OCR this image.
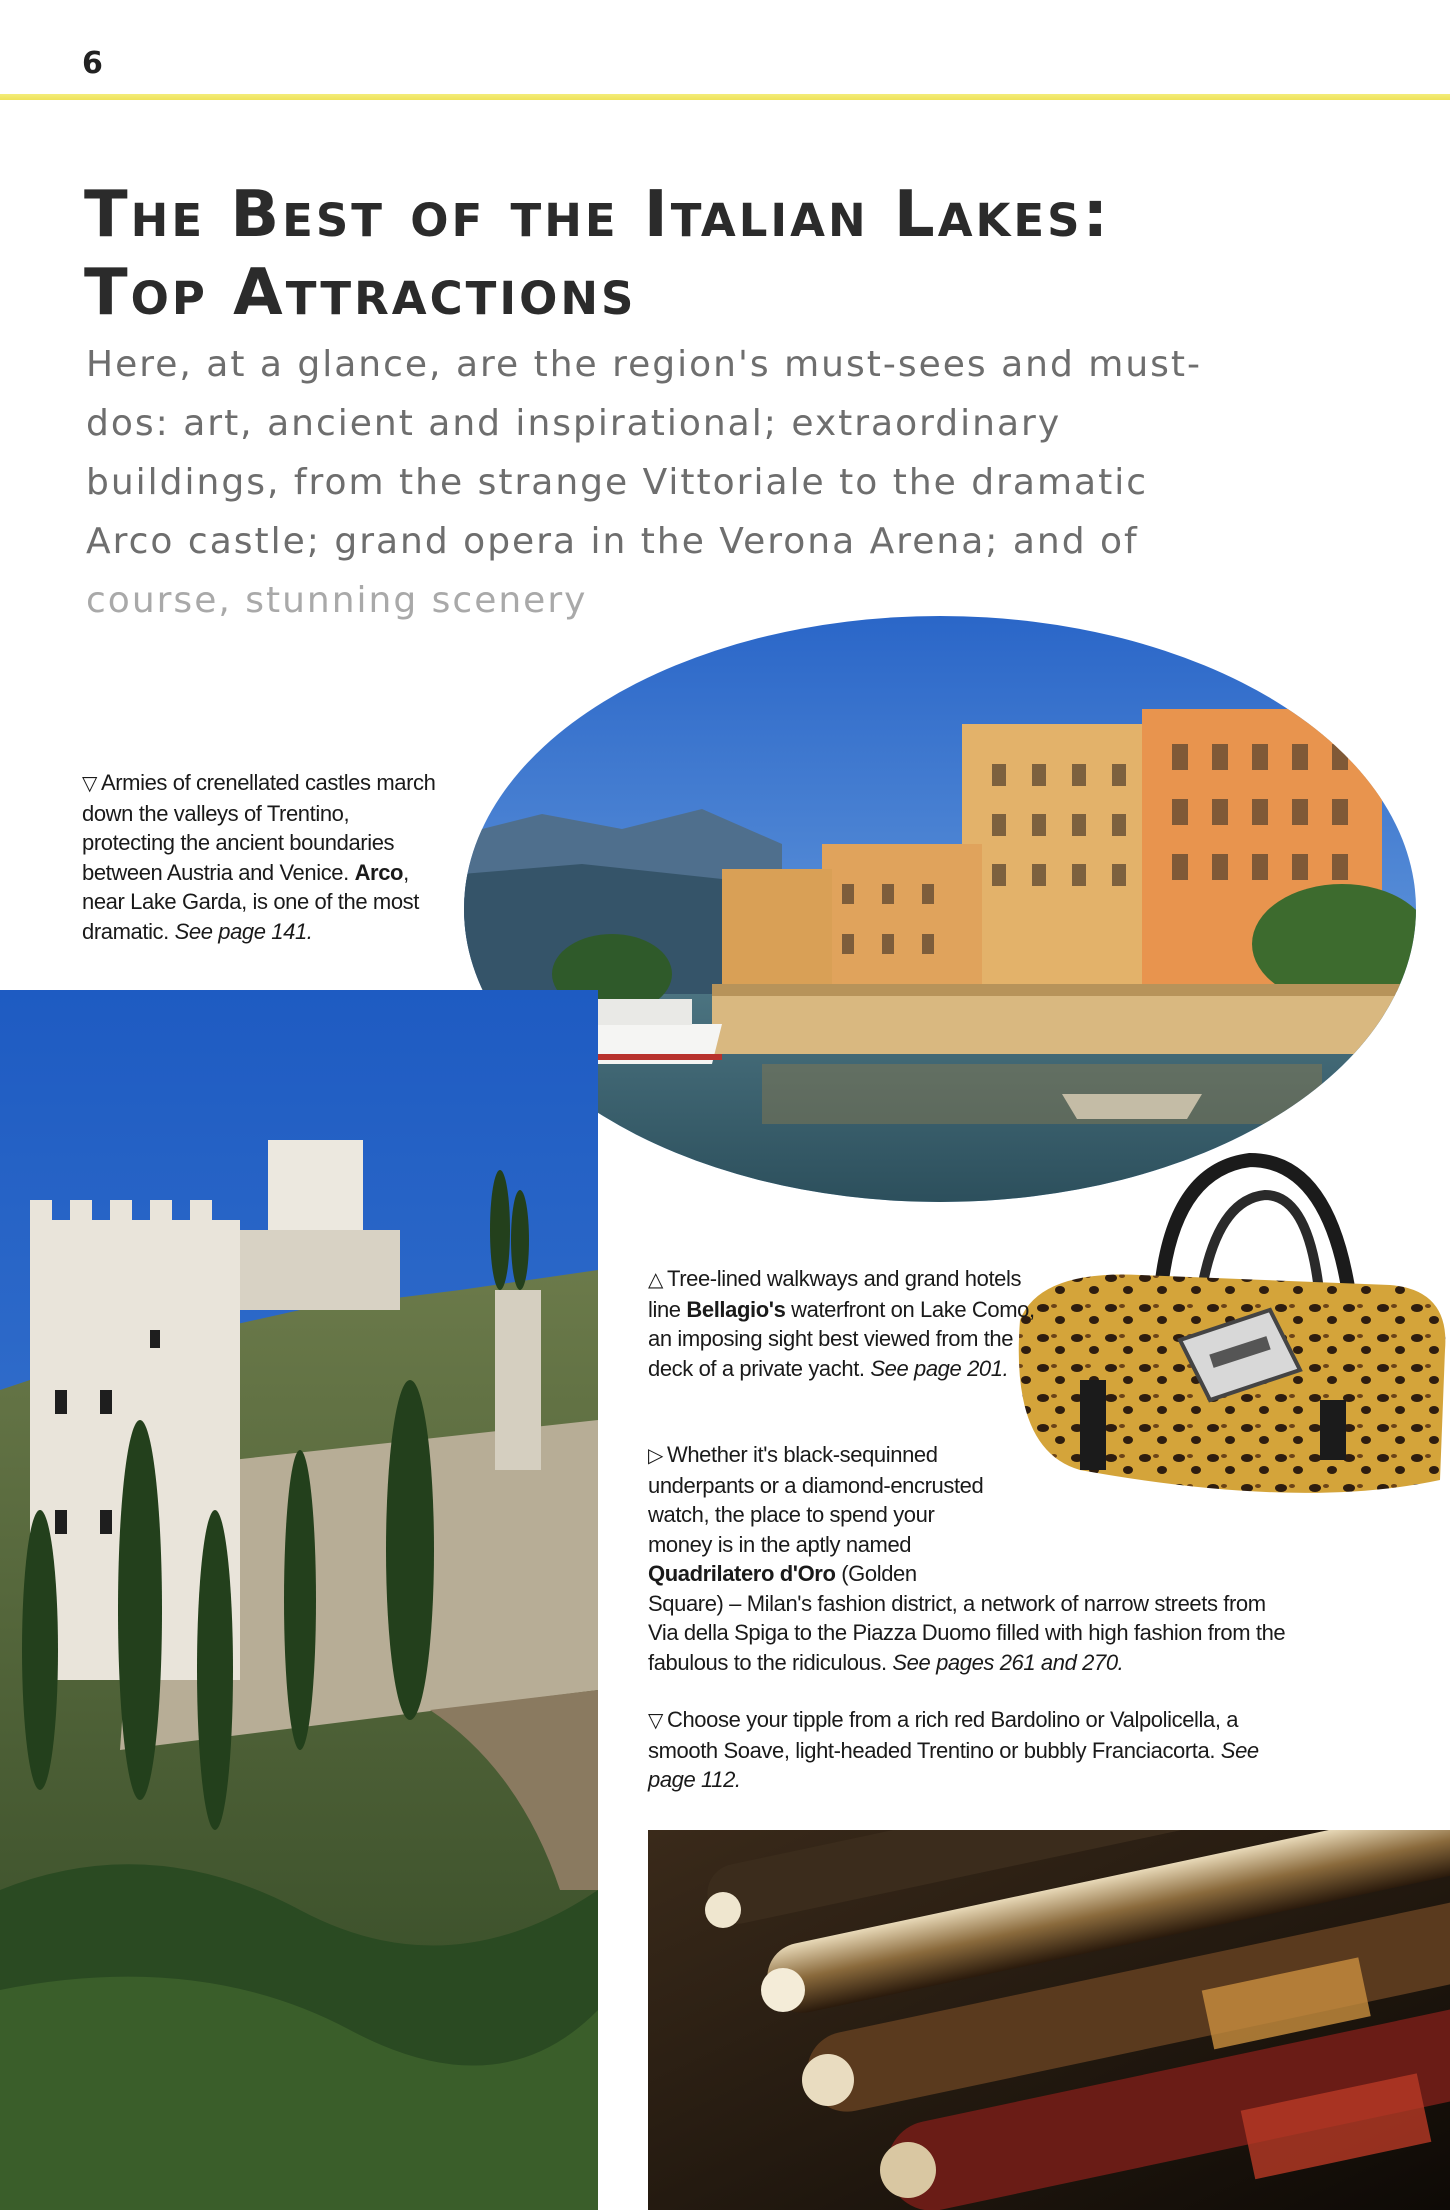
6
The Best of the Italian Lakes:
Top Attractions

Here, at a glance, are the region's must-sees and must-dos: art, ancient and inspirational; extraordinary buildings, from the strange Vittoriale to the dramatic Arco castle; grand opera in the Verona Arena; and of course, stunning scenery

▽ Armies of crenellated castles march down the valleys of Trentino, protecting the ancient boundaries between Austria and Venice. Arco, near Lake Garda, is one of the most dramatic. See page 141.

△ Tree-lined walkways and grand hotels line Bellagio's waterfront on Lake Como, an imposing sight best viewed from the deck of a private yacht. See page 201.

▷ Whether it's black-sequinned underpants or a diamond-encrusted watch, the place to spend your money is in the aptly named Quadrilatero d'Oro (Golden Square) – Milan's fashion district, a network of narrow streets from Via della Spiga to the Piazza Duomo filled with high fashion from the fabulous to the ridiculous. See pages 261 and 270.

▽ Choose your tipple from a rich red Bardolino or Valpolicella, a smooth Soave, light-headed Trentino or bubbly Franciacorta. See page 112.
